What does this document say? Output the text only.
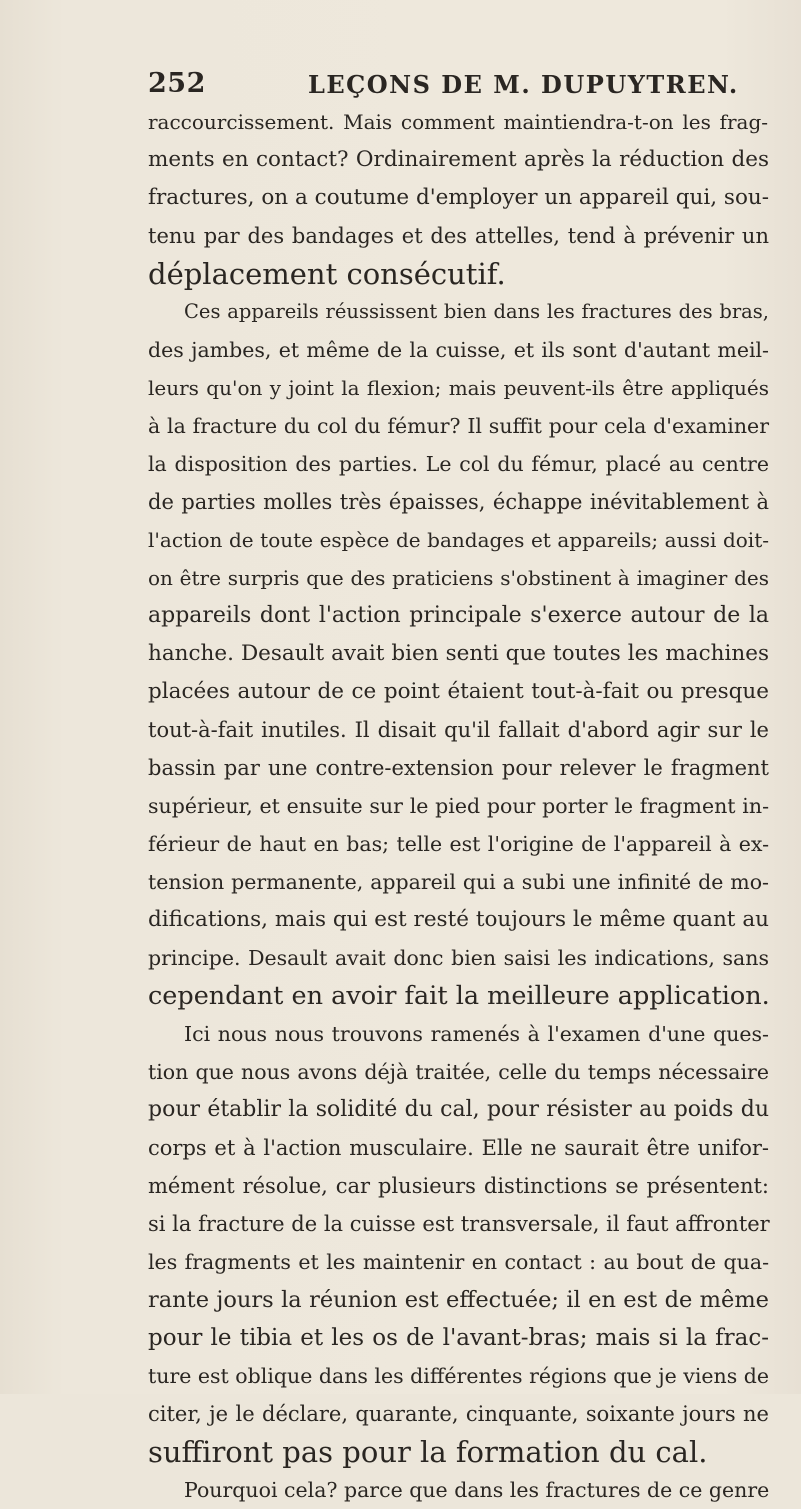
252	LEÇONS DE M. DUPUYTREN.
raccourcissement. Mais comment maintiendra-t-on les frag-
ments en contact? Ordinairement après la réduction des
fractures, on a coutume d'employer un appareil qui, sou-
tenu par des bandages et des attelles, tend à prévenir un
déplacement consécutif.
Ces appareils réussissent bien dans les fractures des bras,
des jambes, et même de la cuisse, et ils sont d'autant meil-
leurs qu'on y joint la flexion; mais peuvent-ils être appliqués
à la fracture du col du fémur? Il suffit pour cela d'examiner
la disposition des parties. Le col du fémur, placé au centre
de parties molles très épaisses, échappe inévitablement à
l'action de toute espèce de bandages et appareils; aussi doit-
on être surpris que des praticiens s'obstinent à imaginer des
appareils dont l'action principale s'exerce autour de la
hanche. Desault avait bien senti que toutes les machines
placées autour de ce point étaient tout-à-fait ou presque
tout-à-fait inutiles. Il disait qu'il fallait d'abord agir sur le
bassin par une contre-extension pour relever le fragment
supérieur, et ensuite sur le pied pour porter le fragment in-
férieur de haut en bas; telle est l'origine de l'appareil à ex-
tension permanente, appareil qui a subi une infinité de mo-
difications, mais qui est resté toujours le même quant au
principe. Desault avait donc bien saisi les indications, sans
cependant en avoir fait la meilleure application.
Ici nous nous trouvons ramenés à l'examen d'une ques-
tion que nous avons déjà traitée, celle du temps nécessaire
pour établir la solidité du cal, pour résister au poids du
corps et à l'action musculaire. Elle ne saurait être unifor-
mément résolue, car plusieurs distinctions se présentent:
si la fracture de la cuisse est transversale, il faut affronter
les fragments et les maintenir en contact : au bout de qua-
rante jours la réunion est effectuée; il en est de même
pour le tibia et les os de l'avant-bras; mais si la frac-
ture est oblique dans les différentes régions que je viens de
citer, je le déclare, quarante, cinquante, soixante jours ne
suffiront pas pour la formation du cal.
Pourquoi cela? parce que dans les fractures de ce genre
